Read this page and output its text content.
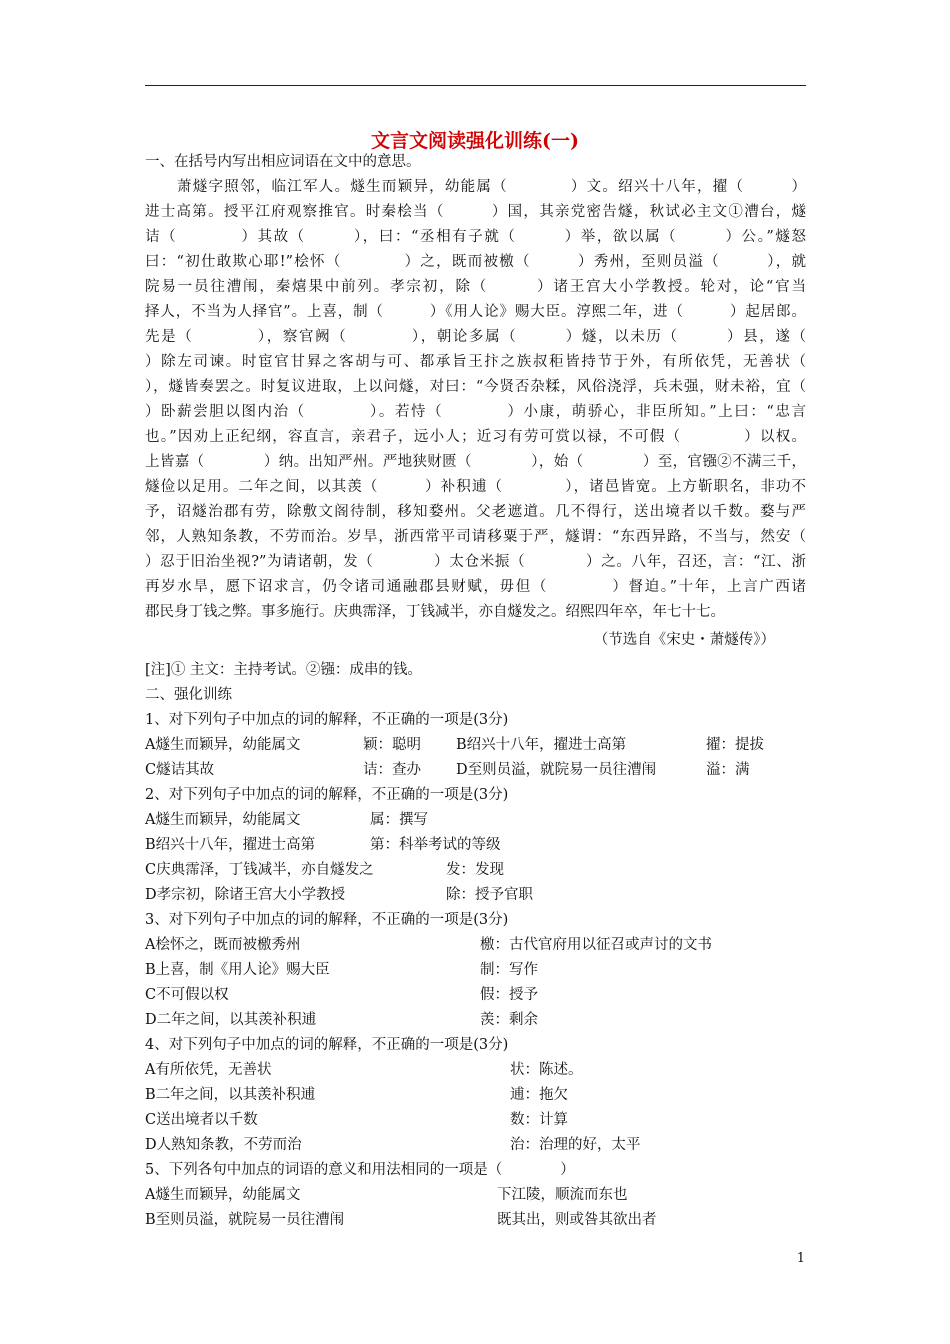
文言文阅读强化训练(一)
一、在括号内写出相应词语在文中的意思。
萧燧字照邻，临江军人。燧生而颖异，幼能属（　　　　）文。绍兴十八年，擢（　　　）
进士高第。授平江府观察推官。时秦桧当（　　　）国，其亲党密告燧，秋试必主文①漕台，燧
诘（　　　　）其故（　　　），曰：“丞相有子就（　　　）举，欲以属（　　　）公。”燧怒
曰：“初仕敢欺心耶!”桧怀（　　　　）之，既而被檄（　　　）秀州，至则员溢（　　　），就
院易一员往漕闱，秦熺果中前列。孝宗初，除（　　　）诸王宫大小学教授。轮对，论“官当
择人，不当为人择官”。上喜，制（　　　）《用人论》赐大臣。淳熙二年，进（　　　）起居郎。
先是（　　　　），察官阙（　　　　），朝论多属（　　　）燧，以未历（　　　）县，遂（
）除左司谏。时宦官甘昪之客胡与可、都承旨王抃之族叔秬皆持节于外，有所依凭，无善状（
），燧皆奏罢之。时复议进取，上以问燧，对曰：“今贤否杂糅，风俗浇浮，兵未强，财未裕，宜（
）卧薪尝胆以图内治（　　　　）。若恃（　　　　）小康，萌骄心，非臣所知。”上曰：“忠言
也。”因劝上正纪纲，容直言，亲君子，远小人；近习有劳可赏以禄，不可假（　　　　）以权。
上皆嘉（　　　　）纳。出知严州。严地狭财匮（　　　　），始（　　　　）至，官镪②不满三千，
燧俭以足用。二年之间，以其羡（　　　）补积逋（　　　　），诸邑皆宽。上方靳职名，非功不
予，诏燧治郡有劳，除敷文阁待制，移知婺州。父老遮道。几不得行，送出境者以千数。婺与严
邻，人熟知条教，不劳而治。岁旱，浙西常平司请移粟于严，燧谓：“东西异路，不当与，然安（
）忍于旧治坐视?”为请诸朝，发（　　　　）太仓米振（　　　　）之。八年，召还，言：“江、浙
再岁水旱，愿下诏求言，仍令诸司通融郡县财赋，毋但（　　　　）督迫。”十年，上言广西诸
郡民身丁钱之弊。事多施行。庆典霈泽，丁钱减半，亦自燧发之。绍熙四年卒，年七十七。
（节选自《宋史・萧燧传》）
[注]① 主文：主持考试。②镪：成串的钱。
二、强化训练
1、对下列句子中加点的词的解释，不正确的一项是(3分)
A燧生而颖异，幼能属文	颖：聪明 B绍兴十八年，擢进士高第	擢：提拔
C燧诘其故	诘：查办 D至则员溢，就院易一员往漕闱	溢：满
2、对下列句子中加点的词的解释，不正确的一项是(3分)
A燧生而颖异，幼能属文	属：撰写
B绍兴十八年，擢进士高第	第：科举考试的等级
C庆典霈泽，丁钱减半，亦自燧发之	发：发现
D孝宗初，除诸王宫大小学教授	除：授予官职
3、对下列句子中加点的词的解释，不正确的一项是(3分)
A桧怀之，既而被檄秀州	檄：古代官府用以征召或声讨的文书
B上喜，制《用人论》赐大臣	制：写作
C不可假以权	假：授予
D二年之间，以其羡补积逋	羡：剩余
4、对下列句子中加点的词的解释，不正确的一项是(3分)
A有所依凭，无善状	状：陈述。
B二年之间，以其羡补积逋	逋：拖欠
C送出境者以千数	数：计算
D人熟知条教，不劳而治	治：治理的好，太平
5、下列各句中加点的词语的意义和用法相同的一项是（　　　　）
A燧生而颖异，幼能属文	下江陵，顺流而东也
B至则员溢，就院易一员往漕闱	既其出，则或咎其欲出者
1
